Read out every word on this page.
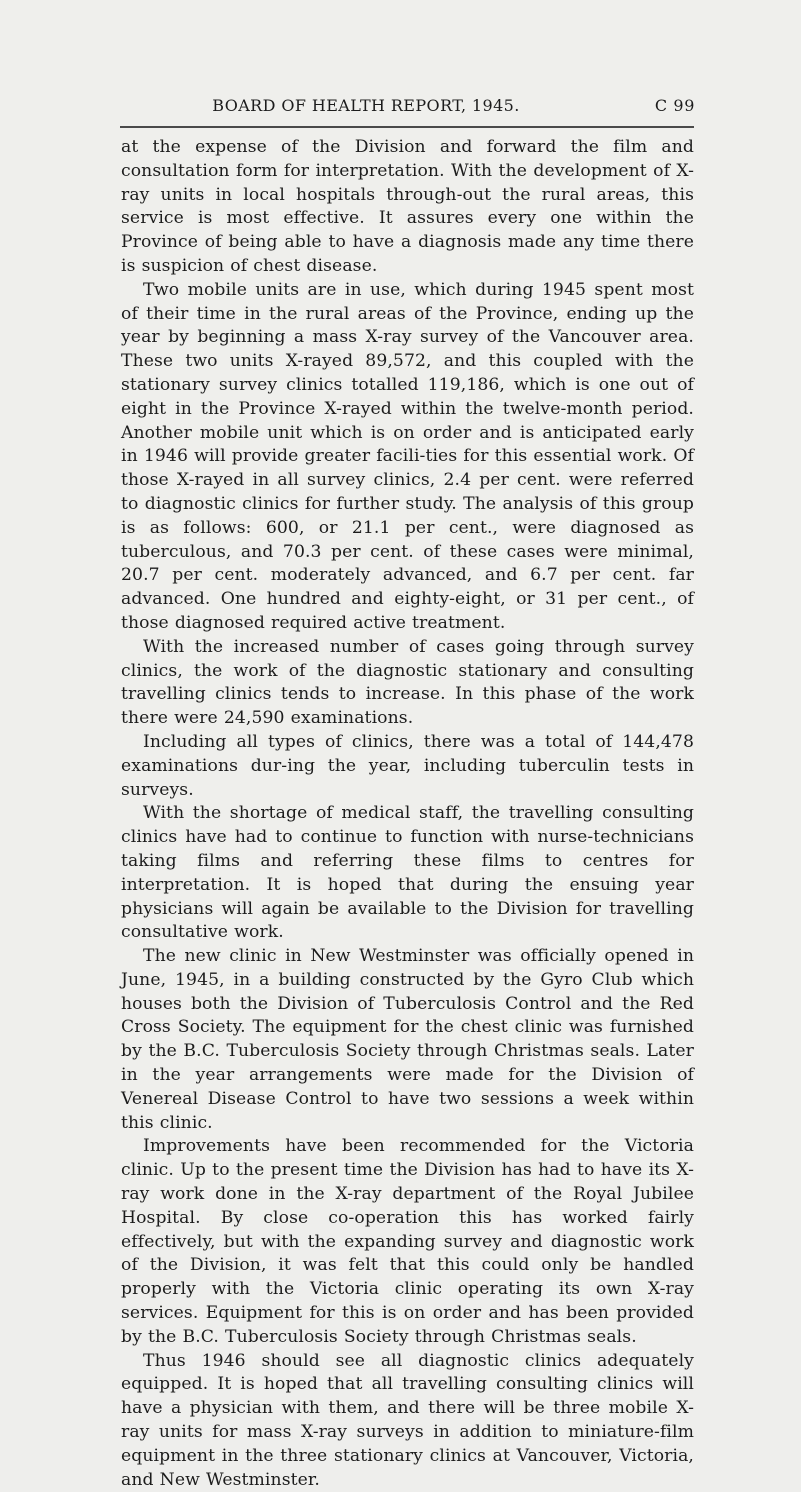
BOARD OF HEALTH REPORT, 1945.	C 99

at the expense of the Division and forward the film and consultation form for interpretation. With the development of X-ray units in local hospitals through-out the rural areas, this service is most effective. It assures every one within the Province of being able to have a diagnosis made any time there is suspicion of chest disease.

Two mobile units are in use, which during 1945 spent most of their time in the rural areas of the Province, ending up the year by beginning a mass X-ray survey of the Vancouver area. These two units X-rayed 89,572, and this coupled with the stationary survey clinics totalled 119,186, which is one out of eight in the Province X-rayed within the twelve-month period. Another mobile unit which is on order and is anticipated early in 1946 will provide greater facili-ties for this essential work. Of those X-rayed in all survey clinics, 2.4 per cent. were referred to diagnostic clinics for further study. The analysis of this group is as follows: 600, or 21.1 per cent., were diagnosed as tuberculous, and 70.3 per cent. of these cases were minimal, 20.7 per cent. moderately advanced, and 6.7 per cent. far advanced. One hundred and eighty-eight, or 31 per cent., of those diagnosed required active treatment.

With the increased number of cases going through survey clinics, the work of the diagnostic stationary and consulting travelling clinics tends to increase. In this phase of the work there were 24,590 examinations.

Including all types of clinics, there was a total of 144,478 examinations dur-ing the year, including tuberculin tests in surveys.

With the shortage of medical staff, the travelling consulting clinics have had to continue to function with nurse-technicians taking films and referring these films to centres for interpretation. It is hoped that during the ensuing year physicians will again be available to the Division for travelling consultative work.

The new clinic in New Westminster was officially opened in June, 1945, in a building constructed by the Gyro Club which houses both the Division of Tuberculosis Control and the Red Cross Society. The equipment for the chest clinic was furnished by the B.C. Tuberculosis Society through Christmas seals. Later in the year arrangements were made for the Division of Venereal Disease Control to have two sessions a week within this clinic.

Improvements have been recommended for the Victoria clinic. Up to the present time the Division has had to have its X-ray work done in the X-ray department of the Royal Jubilee Hospital. By close co-operation this has worked fairly effectively, but with the expanding survey and diagnostic work of the Division, it was felt that this could only be handled properly with the Victoria clinic operating its own X-ray services. Equipment for this is on order and has been provided by the B.C. Tuberculosis Society through Christmas seals.

Thus 1946 should see all diagnostic clinics adequately equipped. It is hoped that all travelling consulting clinics will have a physician with them, and there will be three mobile X-ray units for mass X-ray surveys in addition to miniature-film equipment in the three stationary clinics at Vancouver, Victoria, and New Westminster.
